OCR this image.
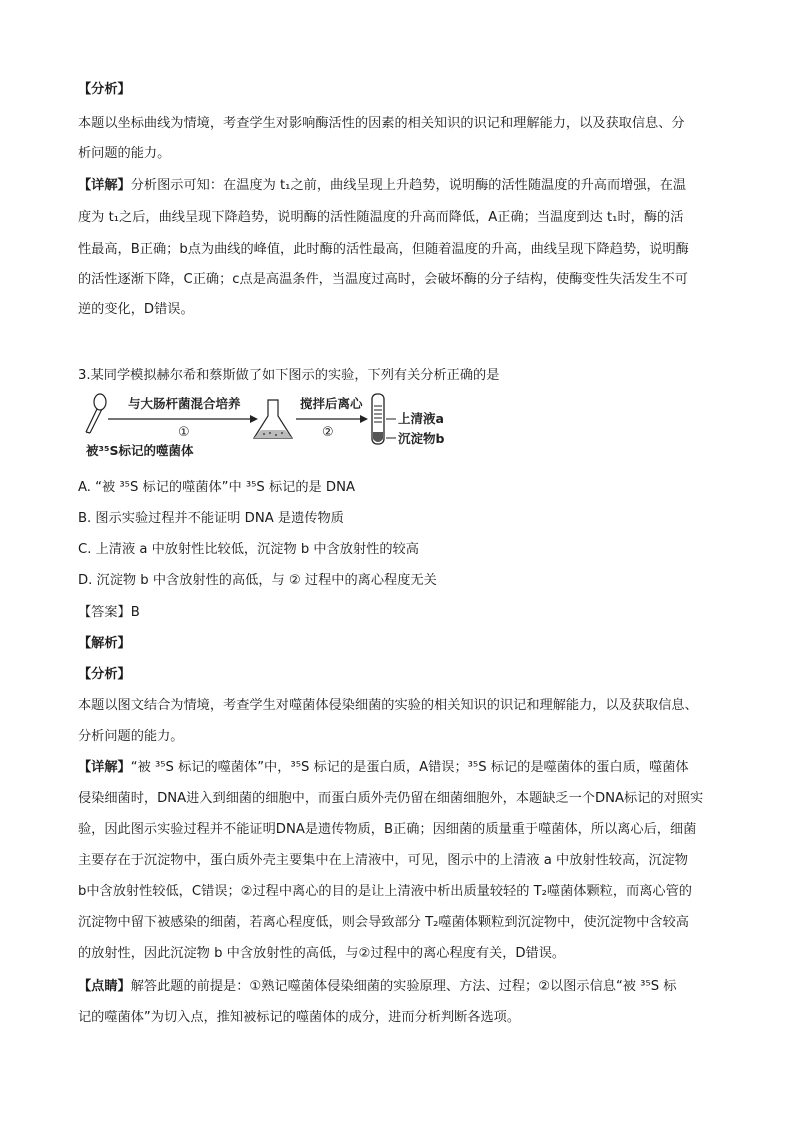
【分析】
本题以坐标曲线为情境，考查学生对影响酶活性的因素的相关知识的识记和理解能力，以及获取信息、分
析问题的能力。
【详解】分析图示可知：在温度为 t₁之前，曲线呈现上升趋势，说明酶的活性随温度的升高而增强，在温
度为 t₁之后，曲线呈现下降趋势，说明酶的活性随温度的升高而降低，A正确；当温度到达 t₁时，酶的活
性最高，B正确；b点为曲线的峰值，此时酶的活性最高，但随着温度的升高，曲线呈现下降趋势，说明酶
的活性逐渐下降，C正确；c点是高温条件，当温度过高时，会破坏酶的分子结构，使酶变性失活发生不可
逆的变化，D错误。
3.某同学模拟赫尔希和蔡斯做了如下图示的实验，下列有关分析正确的是
与大肠杆菌混合培养
①
搅拌后离心
②
上清液a
沉淀物b
被³⁵S标记的噬菌体
A. “被 ³⁵S 标记的噬菌体”中 ³⁵S 标记的是 DNA
B. 图示实验过程并不能证明 DNA 是遗传物质
C. 上清液 a 中放射性比较低，沉淀物 b 中含放射性的较高
D. 沉淀物 b 中含放射性的高低，与 ② 过程中的离心程度无关
【答案】B
【解析】
【分析】
本题以图文结合为情境，考查学生对噬菌体侵染细菌的实验的相关知识的识记和理解能力，以及获取信息、
分析问题的能力。
【详解】“被 ³⁵S 标记的噬菌体”中，³⁵S 标记的是蛋白质，A错误；³⁵S 标记的是噬菌体的蛋白质，噬菌体
侵染细菌时，DNA进入到细菌的细胞中，而蛋白质外壳仍留在细菌细胞外，本题缺乏一个DNA标记的对照实
验，因此图示实验过程并不能证明DNA是遗传物质，B正确；因细菌的质量重于噬菌体，所以离心后，细菌
主要存在于沉淀物中，蛋白质外壳主要集中在上清液中，可见，图示中的上清液 a 中放射性较高，沉淀物
b中含放射性较低，C错误；②过程中离心的目的是让上清液中析出质量较轻的 T₂噬菌体颗粒，而离心管的
沉淀物中留下被感染的细菌，若离心程度低，则会导致部分 T₂噬菌体颗粒到沉淀物中，使沉淀物中含较高
的放射性，因此沉淀物 b 中含放射性的高低，与②过程中的离心程度有关，D错误。
【点睛】解答此题的前提是：①熟记噬菌体侵染细菌的实验原理、方法、过程；②以图示信息“被 ³⁵S 标
记的噬菌体”为切入点，推知被标记的噬菌体的成分，进而分析判断各选项。
